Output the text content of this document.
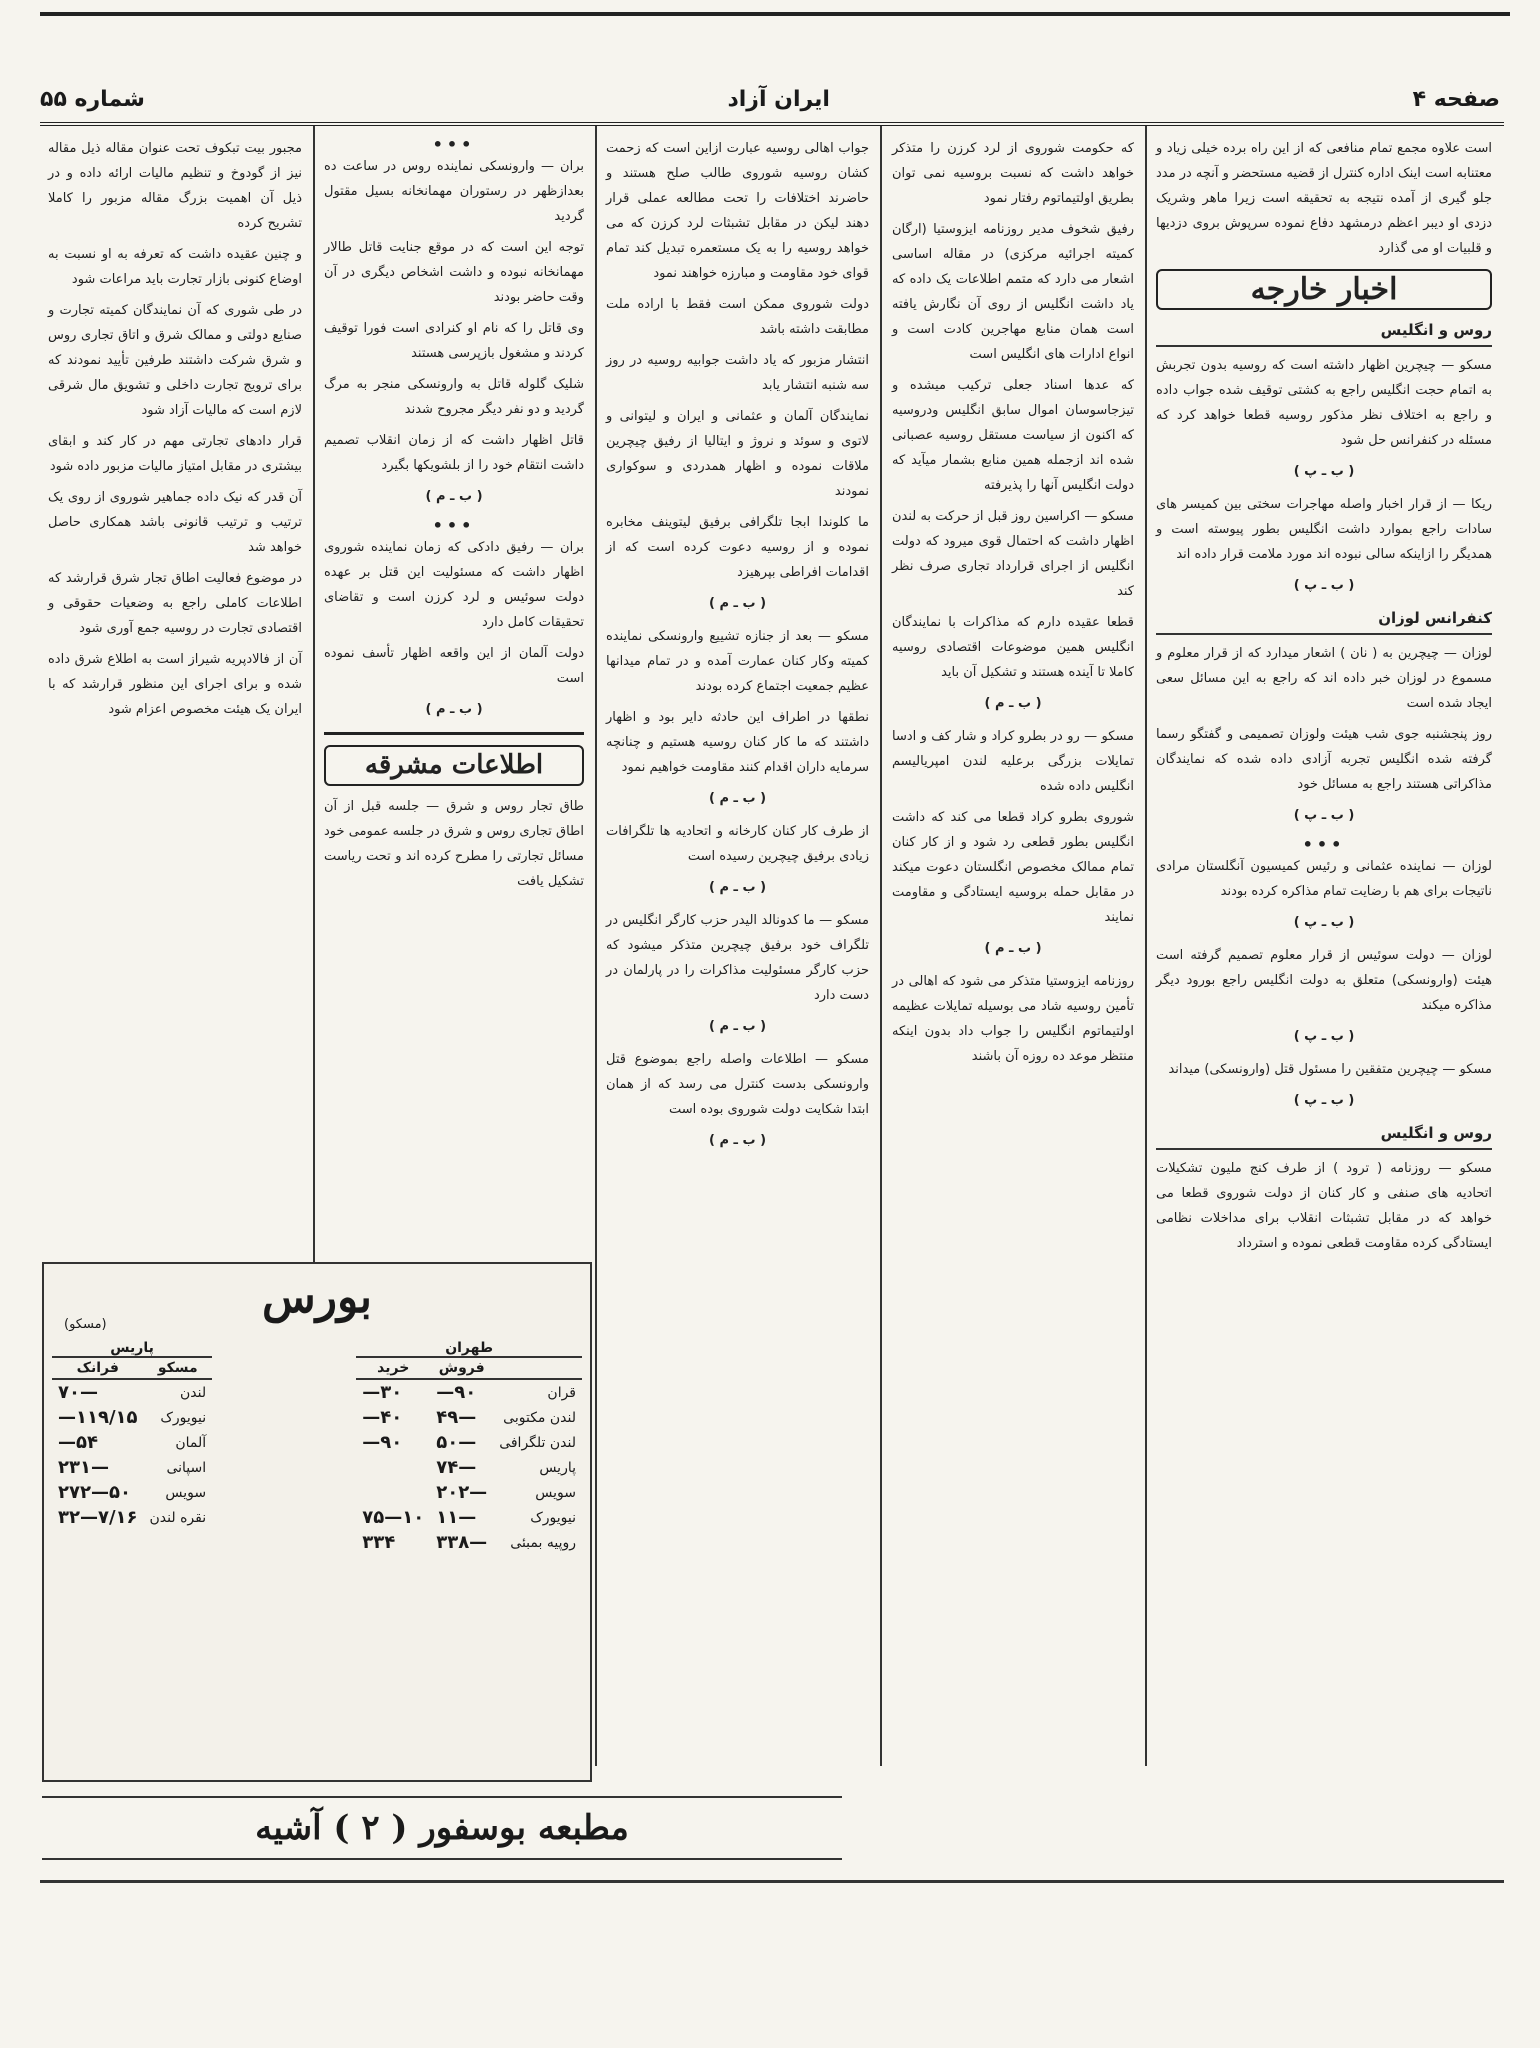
صفحه ۴
ایران آزاد
شماره ۵۵

است علاوه مجمع تمام منافعی که از این راه برده خیلی زیاد و معتنابه است اینک اداره کنترل از قضیه مستحضر و آنچه در مدد جلو گیری از آمده نتیجه به تحقیقه است زیرا ماهر وشریک دزدی او دیبر اعظم درمشهد دفاع نموده سرپوش بروی دزدیها و قلبیات او می گذارد

اخبار خارجه
روس و انگلیس

مسکو — چیچرین اظهار داشته است که روسیه بدون تجربش به اتمام حجت انگلیس راجع به کشتی توقیف شده جواب داده و راجع به اختلاف نظر مذکور روسیه قطعا خواهد کرد که مسئله در کنفرانس حل شود

( ب ـ پ )

ریکا — از قرار اخبار واصله مهاجرات سختی بین کمیسر های سادات راجع بموارد داشت انگلیس بطور پیوسته است و همدیگر را ازاینکه سالی نبوده اند مورد ملامت قرار داده اند

( ب ـ پ )
کنفرانس لوزان

لوزان — چیچرین به ( نان ) اشعار میدارد که از قرار معلوم و مسموع در لوزان خبر داده اند که راجع به این مسائل سعی ایجاد شده است

روز پنجشنبه جوی شب هیئت ولوزان تصمیمی و گفتگو رسما گرفته شده انگلیس تجربه آزادی داده شده که نمایندگان مذاکراتی هستند راجع به مسائل خود

( ب ـ پ )
•••

لوزان — نماینده عثمانی و رئیس کمیسیون آنگلستان مرادی ناتیجات برای هم با رضایت تمام مذاکره کرده بودند

( ب ـ پ )

لوزان — دولت سوئیس از قرار معلوم تصمیم گرفته است هیئت (وارونسکی) متعلق به دولت انگلیس راجع بورود دیگر مذاکره میکند

( ب ـ پ )

مسکو — چیچرین متفقین را مسئول قتل (وارونسکی) میداند

( ب ـ پ )
روس و انگلیس

مسکو — روزنامه ( ترود ) از طرف کنج ملیون تشکیلات اتحادیه های صنفی و کار کنان از دولت شوروی قطعا می خواهد که در مقابل تشبثات انقلاب برای مداخلات نظامی ایستادگی کرده مقاومت قطعی نموده و استرداد

که حکومت شوروی از لرد کرزن را متذکر خواهد داشت که نسبت بروسیه نمی توان بطریق اولتیماتوم رفتار نمود

رفیق شخوف مدیر روزنامه ایزوستیا (ارگان کمیته اجرائیه مرکزی) در مقاله اساسی اشعار می دارد که متمم اطلاعات یک داده که یاد داشت انگلیس از روی آن نگارش یافته است همان منابع مهاجرین کادت است و انواع ادارات های انگلیس است

که عدها اسناد جعلی ترکیب میشده و تیزجاسوسان اموال سابق انگلیس ودروسیه که اکنون از سیاست مستقل روسیه عصبانی شده اند ازجمله همین منابع بشمار میآید که دولت انگلیس آنها را پذیرفته

مسکو — اکراسین روز قبل از حرکت به لندن اظهار داشت که احتمال قوی میرود که دولت انگلیس از اجرای قرارداد تجاری صرف نظر کند

قطعا عقیده دارم که مذاکرات با نمایندگان انگلیس همین موضوعات اقتصادی روسیه کاملا تا آینده هستند و تشکیل آن باید

( ب ـ م )

مسکو — رو در بطرو کراد و شار کف و ادسا تمایلات بزرگی برعلیه لندن امپریالیسم انگلیس داده شده

شوروی بطرو کراد قطعا می کند که داشت انگلیس بطور قطعی رد شود و از کار کنان تمام ممالک مخصوص انگلستان دعوت میکند در مقابل حمله بروسیه ایستادگی و مقاومت نمایند

( ب ـ م )

روزنامه ایزوستیا متذکر می شود که اهالی در تأمین روسیه شاد می بوسیله تمایلات عظیمه اولتیماتوم انگلیس را جواب داد بدون اینکه منتظر موعد ده روزه آن باشند

جواب اهالی روسیه عبارت ازاین است که زحمت کشان روسیه شوروی طالب صلح هستند و حاضرند اختلافات را تحت مطالعه عملی قرار دهند لیکن در مقابل تشبثات لرد کرزن که می خواهد روسیه را به یک مستعمره تبدیل کند تمام قوای خود مقاومت و مبارزه خواهند نمود

دولت شوروی ممکن است فقط با اراده ملت مطابقت داشته باشد

انتشار مزبور که یاد داشت جوابیه روسیه در روز سه شنبه انتشار یابد

نمایندگان آلمان و عثمانی و ایران و لیتوانی و لاتوی و سوئد و نروژ و ایتالیا از رفیق چیچرین ملاقات نموده و اظهار همدردی و سوکواری نمودند

ما کلوندا ابجا تلگرافی برفیق لیتوینف مخابره نموده و از روسیه دعوت کرده است که از اقدامات افراطی بپرهیزد

( ب ـ م )

مسکو — بعد از جنازه تشییع وارونسکی نماینده کمیته وکار کنان عمارت آمده و در تمام میدانها عظیم جمعیت اجتماع کرده بودند

نطقها در اطراف این حادثه دایر بود و اظهار داشتند که ما کار کنان روسیه هستیم و چنانچه سرمایه داران اقدام کنند مقاومت خواهیم نمود

( ب ـ م )

از طرف کار کنان کارخانه و اتحادیه ها تلگرافات زیادی برفیق چیچرین رسیده است

( ب ـ م )

مسکو — ما کدونالد الیدر حزب کارگر انگلیس در تلگراف خود برفیق چیچرین متذکر میشود که حزب کارگر مسئولیت مذاکرات را در پارلمان در دست دارد

( ب ـ م )

مسکو — اطلاعات واصله راجع بموضوع قتل وارونسکی بدست کنترل می رسد که از همان ابتدا شکایت دولت شوروی بوده است

( ب ـ م )
•••

بران — وارونسکی نماینده روس در ساعت ده بعدازظهر در رستوران مهمانخانه بسیل مقتول گردید

توجه این است که در موقع جنایت قاتل طالار مهمانخانه نبوده و داشت اشخاص دیگری در آن وقت حاضر بودند

وی قاتل را که نام او کنرادی است فورا توقیف کردند و مشغول بازپرسی هستند

شلیک گلوله قاتل به وارونسکی منجر به مرگ گردید و دو نفر دیگر مجروح شدند

قاتل اظهار داشت که از زمان انقلاب تصمیم داشت انتقام خود را از بلشویکها بگیرد

( ب ـ م )
•••

بران — رفیق دادکی که زمان نماینده شوروی اظهار داشت که مسئولیت این قتل بر عهده دولت سوئیس و لرد کرزن است و تقاضای تحقیقات کامل دارد

دولت آلمان از این واقعه اظهار تأسف نموده است

( ب ـ م )
اطلاعات مشرقه

طاق تجار روس و شرق — جلسه قبل از آن اطاق تجاری روس و شرق در جلسه عمومی خود مسائل تجارتی را مطرح کرده اند و تحت ریاست تشکیل یافت

مجبور بیت تبکوف تحت عنوان مقاله ذیل مقاله نیز از گودوخ و تنظیم مالیات ارائه داده و در ذیل آن اهمیت بزرگ مقاله مزبور را کاملا تشریح کرده

و چنین عقیده داشت که تعرفه به او نسبت به اوضاع کنونی بازار تجارت باید مراعات شود

در طی شوری که آن نمایندگان کمیته تجارت و صنایع دولتی و ممالک شرق و اتاق تجاری روس و شرق شرکت داشتند طرفین تأیید نمودند که برای ترویج تجارت داخلی و تشویق مال شرقی لازم است که مالیات آزاد شود

قرار دادهای تجارتی مهم در کار کند و ابقای بیشتری در مقابل امتیاز مالیات مزبور داده شود

آن قدر که نیک داده جماهیر شوروی از روی یک ترتیب و ترتیب قانونی باشد همکاری حاصل خواهد شد

در موضوع فعالیت اطاق تجار شرق قرارشد که اطلاعات کاملی راجع به وضعیات حقوقی و اقتصادی تجارت در روسیه جمع آوری شود

آن از فالادپریه شیراز است به اطلاع شرق داده شده و برای اجرای این منظور قرارشد که با ایران یک هیئت مخصوص اعزام شود

بورس
(مسکو)
طهران
	فروش	خرید
قران	—۹۰	—۳۰
لندن مکتوبی	۴۹—	—۴۰
لندن تلگرافی	۵۰—	—۹۰
پاریس	۷۴—	
سویس	۲۰۲—	
نیویورک	۱۱—	۷۵—۱۰
روپیه بمبئی	۳۳۸—	۳۳۴
پاریس
مسکو	فرانک
لندن	۷۰—
نیویورک	—۱۱۹/۱۵
آلمان	—۵۴
اسپانی	۲۳۱—
سویس	۲۷۲—۵۰
نقره لندن	۳۲—۷/۱۶
مطبعه بوسفور ( ۲ ) آشیه
